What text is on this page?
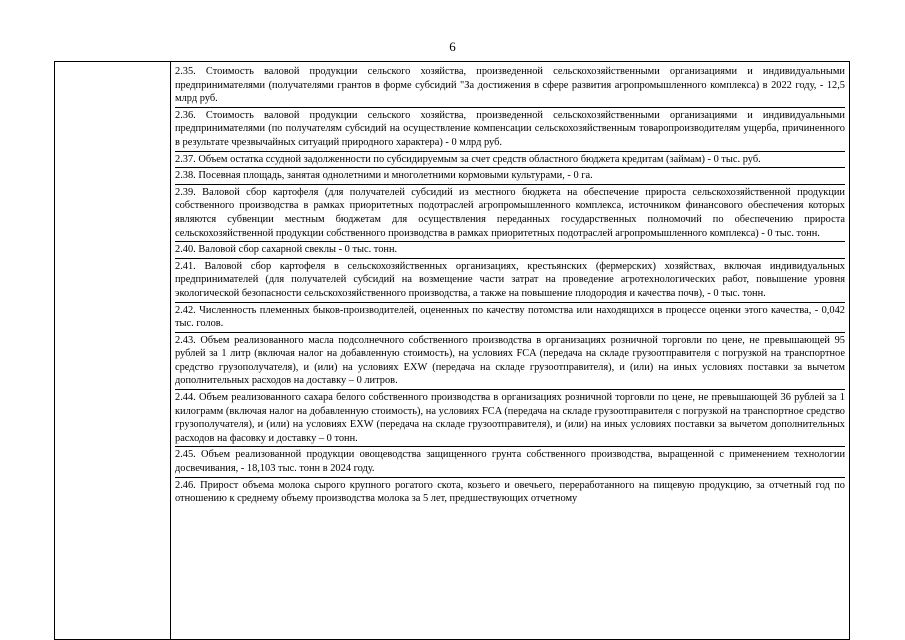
6

2.35. Стоимость валовой продукции сельского хозяйства, произведенной сельскохозяйственными организациями и индивидуальными предпринимателями (получателями грантов в форме субсидий "За достижения в сфере развития агропромышленного комплекса) в 2022 году, - 12,5 млрд руб.
2.36. Стоимость валовой продукции сельского хозяйства, произведенной сельскохозяйственными организациями и индивидуальными предпринимателями (по получателям субсидий на осуществление компенсации сельскохозяйственным товаропроизводителям ущерба, причиненного в результате чрезвычайных ситуаций природного характера) - 0 млрд руб.
2.37. Объем остатка ссудной задолженности по субсидируемым за счет средств областного бюджета кредитам (займам) - 0 тыс. руб.
2.38. Посевная площадь, занятая однолетними и многолетними кормовыми культурами, - 0 га.
2.39. Валовой сбор картофеля (для получателей субсидий из местного бюджета на обеспечение прироста сельскохозяйственной продукции собственного производства в рамках приоритетных подотраслей агропромышленного комплекса, источником финансового обеспечения которых являются субвенции местным бюджетам для осуществления переданных государственных полномочий по обеспечению прироста сельскохозяйственной продукции собственного производства в рамках приоритетных подотраслей агропромышленного комплекса) - 0 тыс. тонн.
2.40. Валовой сбор сахарной свеклы - 0 тыс. тонн.
2.41. Валовой сбор картофеля в сельскохозяйственных организациях, крестьянских (фермерских) хозяйствах, включая индивидуальных предпринимателей (для получателей субсидий на возмещение части затрат на проведение агротехнологических работ, повышение уровня экологической безопасности сельскохозяйственного производства, а также на повышение плодородия и качества почв), - 0 тыс. тонн.
2.42. Численность племенных быков-производителей, оцененных по качеству потомства или находящихся в процессе оценки этого качества, - 0,042 тыс. голов.
2.43. Объем реализованного масла подсолнечного собственного производства в организациях розничной торговли по цене, не превышающей 95 рублей за 1 литр (включая налог на добавленную стоимость), на условиях FCA (передача на складе грузоотправителя с погрузкой на транспортное средство грузополучателя), и (или) на условиях EXW (передача на складе грузоотправителя), и (или) на иных условиях поставки за вычетом дополнительных расходов на доставку – 0 литров.
2.44. Объем реализованного сахара белого собственного производства в организациях розничной торговли по цене, не превышающей 36 рублей за 1 килограмм (включая налог на добавленную стоимость), на условиях FCA (передача на складе грузоотправителя с погрузкой на транспортное средство грузополучателя), и (или) на условиях EXW (передача на складе грузоотправителя), и (или) на иных условиях поставки за вычетом дополнительных расходов на фасовку и доставку – 0 тонн.
2.45. Объем реализованной продукции овощеводства защищенного грунта собственного производства, выращенной с применением технологии досвечивания, - 18,103 тыс. тонн в 2024 году.
2.46. Прирост объема молока сырого крупного рогатого скота, козьего и овечьего, переработанного на пищевую продукцию, за отчетный год по отношению к среднему объему производства молока за 5 лет, предшествующих отчетному
